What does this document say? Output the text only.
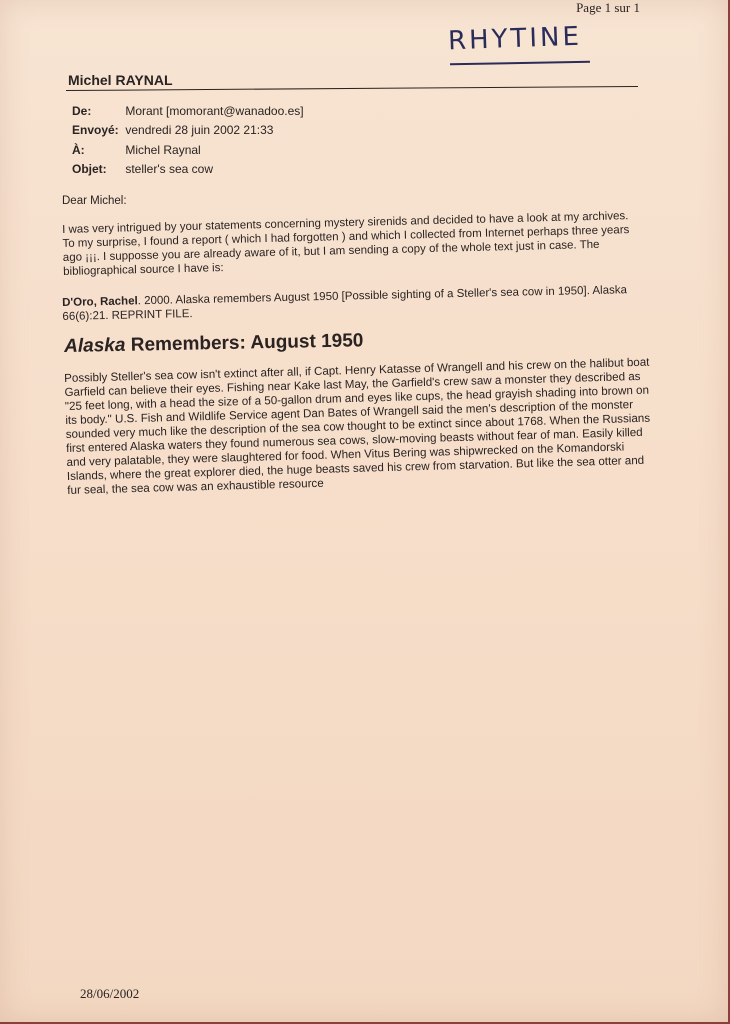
Page 1 sur 1
RHYTINE
Michel RAYNAL
De:	Morant [momorant@wanadoo.es]
Envoyé: vendredi 28 juin 2002 21:33
À:	Michel Raynal
Objet: steller's sea cow
Dear Michel:
I was very intrigued by your statements concerning mystery sirenids and decided to have a look at my archives. To my surprise, I found a report ( which I had forgotten ) and which I collected from Internet perhaps three years ago ¡¡¡. I supposse you are already aware of it, but I am sending a copy of the whole text just in case. The bibliographical source I have is:
D'Oro, Rachel. 2000. Alaska remembers August 1950 [Possible sighting of a Steller's sea cow in 1950]. Alaska 66(6):21. REPRINT FILE.
Alaska Remembers: August 1950
Possibly Steller's sea cow isn't extinct after all, if Capt. Henry Katasse of Wrangell and his crew on the halibut boat Garfield can believe their eyes. Fishing near Kake last May, the Garfield's crew saw a monster they described as "25 feet long, with a head the size of a 50-gallon drum and eyes like cups, the head grayish shading into brown on its body." U.S. Fish and Wildlife Service agent Dan Bates of Wrangell said the men's description of the monster sounded very much like the description of the sea cow thought to be extinct since about 1768. When the Russians first entered Alaska waters they found numerous sea cows, slow-moving beasts without fear of man. Easily killed and very palatable, they were slaughtered for food. When Vitus Bering was shipwrecked on the Komandorski Islands, where the great explorer died, the huge beasts saved his crew from starvation. But like the sea otter and fur seal, the sea cow was an exhaustible resource
28/06/2002
